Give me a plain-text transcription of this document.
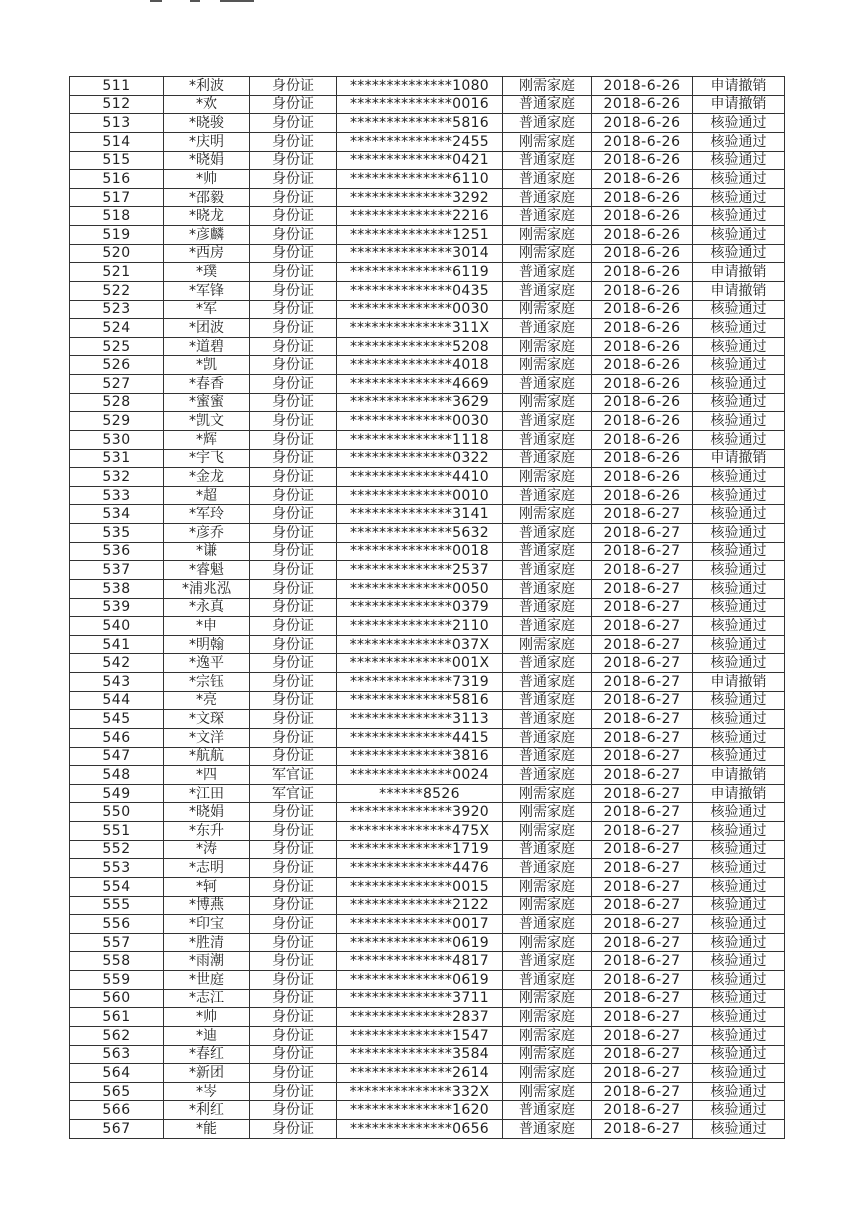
511	*利波	身份证	**************1080	刚需家庭	2018-6-26	申请撤销
512	*欢	身份证	**************0016	普通家庭	2018-6-26	申请撤销
513	*晓骏	身份证	**************5816	普通家庭	2018-6-26	核验通过
514	*庆明	身份证	**************2455	刚需家庭	2018-6-26	核验通过
515	*晓娟	身份证	**************0421	普通家庭	2018-6-26	核验通过
516	*帅	身份证	**************6110	普通家庭	2018-6-26	核验通过
517	*邵毅	身份证	**************3292	普通家庭	2018-6-26	核验通过
518	*晓龙	身份证	**************2216	普通家庭	2018-6-26	核验通过
519	*彦麟	身份证	**************1251	刚需家庭	2018-6-26	核验通过
520	*西房	身份证	**************3014	刚需家庭	2018-6-26	核验通过
521	*璞	身份证	**************6119	普通家庭	2018-6-26	申请撤销
522	*军锋	身份证	**************0435	普通家庭	2018-6-26	申请撤销
523	*军	身份证	**************0030	刚需家庭	2018-6-26	核验通过
524	*团波	身份证	**************311X	普通家庭	2018-6-26	核验通过
525	*道碧	身份证	**************5208	刚需家庭	2018-6-26	核验通过
526	*凯	身份证	**************4018	刚需家庭	2018-6-26	核验通过
527	*春香	身份证	**************4669	普通家庭	2018-6-26	核验通过
528	*蜜蜜	身份证	**************3629	刚需家庭	2018-6-26	核验通过
529	*凯文	身份证	**************0030	普通家庭	2018-6-26	核验通过
530	*辉	身份证	**************1118	普通家庭	2018-6-26	核验通过
531	*宇飞	身份证	**************0322	普通家庭	2018-6-26	申请撤销
532	*金龙	身份证	**************4410	刚需家庭	2018-6-26	核验通过
533	*超	身份证	**************0010	普通家庭	2018-6-26	核验通过
534	*军玲	身份证	**************3141	刚需家庭	2018-6-27	核验通过
535	*彦乔	身份证	**************5632	普通家庭	2018-6-27	核验通过
536	*谦	身份证	**************0018	普通家庭	2018-6-27	核验通过
537	*睿魁	身份证	**************2537	普通家庭	2018-6-27	核验通过
538	*浦兆泓	身份证	**************0050	普通家庭	2018-6-27	核验通过
539	*永真	身份证	**************0379	普通家庭	2018-6-27	核验通过
540	*申	身份证	**************2110	普通家庭	2018-6-27	核验通过
541	*明翰	身份证	**************037X	刚需家庭	2018-6-27	核验通过
542	*逸平	身份证	**************001X	普通家庭	2018-6-27	核验通过
543	*宗钰	身份证	**************7319	普通家庭	2018-6-27	申请撤销
544	*亮	身份证	**************5816	普通家庭	2018-6-27	核验通过
545	*文琛	身份证	**************3113	普通家庭	2018-6-27	核验通过
546	*文洋	身份证	**************4415	普通家庭	2018-6-27	核验通过
547	*航航	身份证	**************3816	普通家庭	2018-6-27	核验通过
548	*四	军官证	**************0024	普通家庭	2018-6-27	申请撤销
549	*江田	军官证	******8526	刚需家庭	2018-6-27	申请撤销
550	*晓娟	身份证	**************3920	刚需家庭	2018-6-27	核验通过
551	*东升	身份证	**************475X	刚需家庭	2018-6-27	核验通过
552	*涛	身份证	**************1719	普通家庭	2018-6-27	核验通过
553	*志明	身份证	**************4476	普通家庭	2018-6-27	核验通过
554	*轲	身份证	**************0015	刚需家庭	2018-6-27	核验通过
555	*博燕	身份证	**************2122	刚需家庭	2018-6-27	核验通过
556	*印宝	身份证	**************0017	普通家庭	2018-6-27	核验通过
557	*胜清	身份证	**************0619	刚需家庭	2018-6-27	核验通过
558	*雨潮	身份证	**************4817	普通家庭	2018-6-27	核验通过
559	*世庭	身份证	**************0619	普通家庭	2018-6-27	核验通过
560	*志江	身份证	**************3711	刚需家庭	2018-6-27	核验通过
561	*帅	身份证	**************2837	刚需家庭	2018-6-27	核验通过
562	*迪	身份证	**************1547	刚需家庭	2018-6-27	核验通过
563	*春红	身份证	**************3584	刚需家庭	2018-6-27	核验通过
564	*新团	身份证	**************2614	刚需家庭	2018-6-27	核验通过
565	*岑	身份证	**************332X	刚需家庭	2018-6-27	核验通过
566	*利红	身份证	**************1620	普通家庭	2018-6-27	核验通过
567	*能	身份证	**************0656	普通家庭	2018-6-27	核验通过
